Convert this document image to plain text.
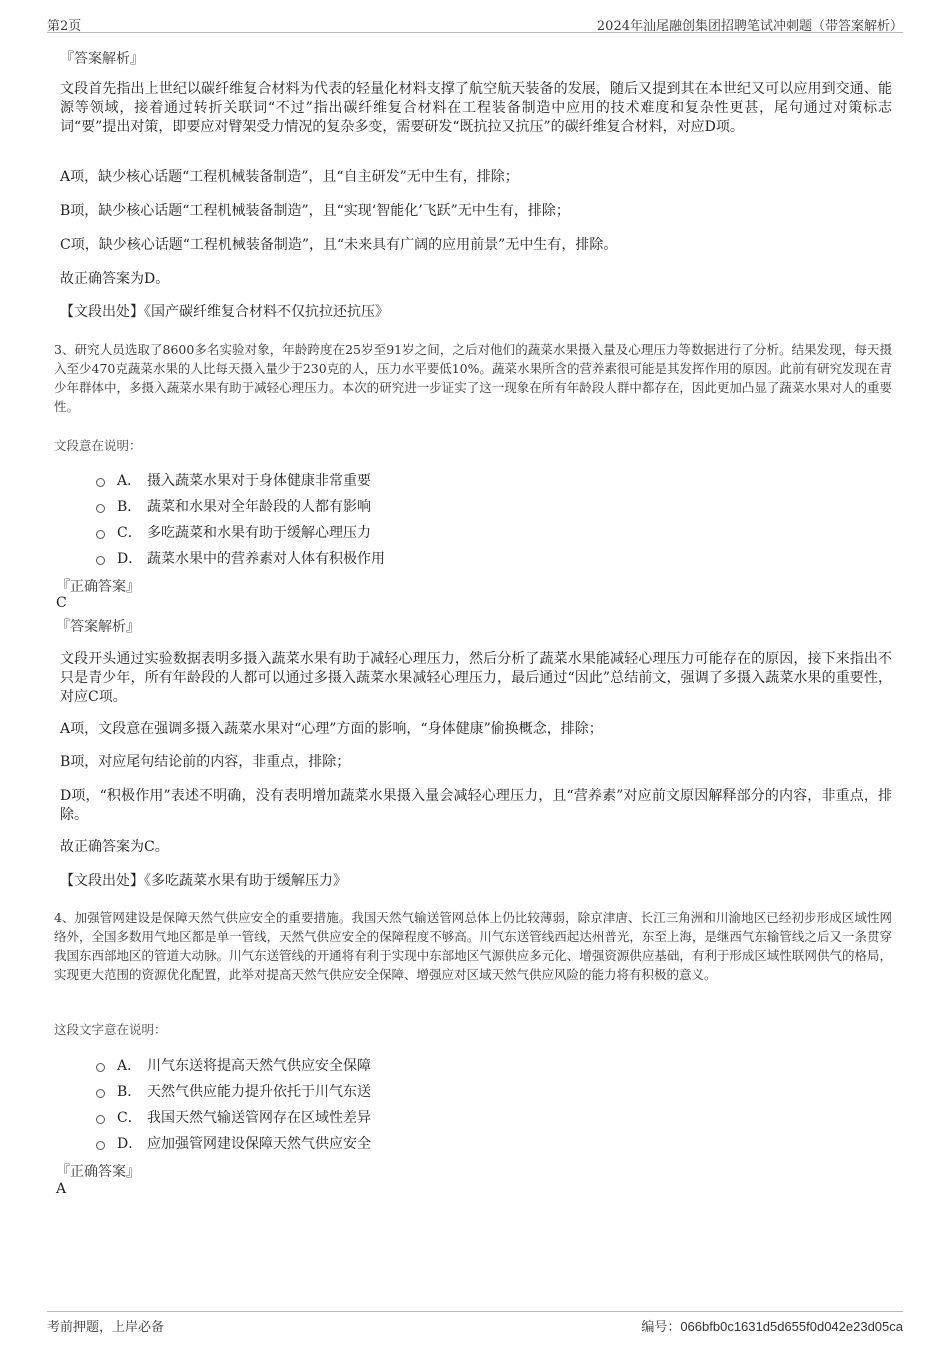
第2页	2024年汕尾融创集团招聘笔试冲刺题（带答案解析）
『答案解析』
文段首先指出上世纪以碳纤维复合材料为代表的轻量化材料支撑了航空航天装备的发展，随后又提到其在本世纪又可以应用到交通、能源等领域，接着通过转折关联词“不过”指出碳纤维复合材料在工程装备制造中应用的技术难度和复杂性更甚，尾句通过对策标志词“要”提出对策，即要应对臂架受力情况的复杂多变，需要研发“既抗拉又抗压”的碳纤维复合材料，对应D项。
A项，缺少核心话题“工程机械装备制造”，且“自主研发”无中生有，排除；
B项，缺少核心话题“工程机械装备制造”，且“实现‘智能化’飞跃”无中生有，排除；
C项，缺少核心话题“工程机械装备制造”，且“未来具有广阔的应用前景”无中生有，排除。
故正确答案为D。
【文段出处】《国产碳纤维复合材料不仅抗拉还抗压》
3、研究人员选取了8600多名实验对象，年龄跨度在25岁至91岁之间，之后对他们的蔬菜水果摄入量及心理压力等数据进行了分析。结果发现，每天摄入至少470克蔬菜水果的人比每天摄入量少于230克的人，压力水平要低10%。蔬菜水果所含的营养素很可能是其发挥作用的原因。此前有研究发现在青少年群体中，多摄入蔬菜水果有助于减轻心理压力。本次的研究进一步证实了这一现象在所有年龄段人群中都存在，因此更加凸显了蔬菜水果对人的重要性。
文段意在说明：
A． 摄入蔬菜水果对于身体健康非常重要
B． 蔬菜和水果对全年龄段的人都有影响
C． 多吃蔬菜和水果有助于缓解心理压力
D． 蔬菜水果中的营养素对人体有积极作用
『正确答案』
C
『答案解析』
文段开头通过实验数据表明多摄入蔬菜水果有助于减轻心理压力，然后分析了蔬菜水果能减轻心理压力可能存在的原因，接下来指出不只是青少年，所有年龄段的人都可以通过多摄入蔬菜水果减轻心理压力，最后通过“因此”总结前文，强调了多摄入蔬菜水果的重要性，对应C项。
A项，文段意在强调多摄入蔬菜水果对“心理”方面的影响，“身体健康”偷换概念，排除；
B项，对应尾句结论前的内容，非重点，排除；
D项，“积极作用”表述不明确，没有表明增加蔬菜水果摄入量会减轻心理压力，且“营养素”对应前文原因解释部分的内容，非重点，排除。
故正确答案为C。
【文段出处】《多吃蔬菜水果有助于缓解压力》
4、加强管网建设是保障天然气供应安全的重要措施。我国天然气输送管网总体上仍比较薄弱，除京津唐、长江三角洲和川渝地区已经初步形成区域性网络外，全国多数用气地区都是单一管线，天然气供应安全的保障程度不够高。川气东送管线西起达州普光，东至上海，是继西气东输管线之后又一条贯穿我国东西部地区的管道大动脉。川气东送管线的开通将有利于实现中东部地区气源供应多元化、增强资源供应基础，有利于形成区域性联网供气的格局，实现更大范围的资源优化配置，此举对提高天然气供应安全保障、增强应对区域天然气供应风险的能力将有积极的意义。
这段文字意在说明：
A． 川气东送将提高天然气供应安全保障
B． 天然气供应能力提升依托于川气东送
C． 我国天然气输送管网存在区域性差异
D． 应加强管网建设保障天然气供应安全
『正确答案』
A
考前押题，上岸必备	编号：066bfb0c1631d5d655f0d042e23d05ca
